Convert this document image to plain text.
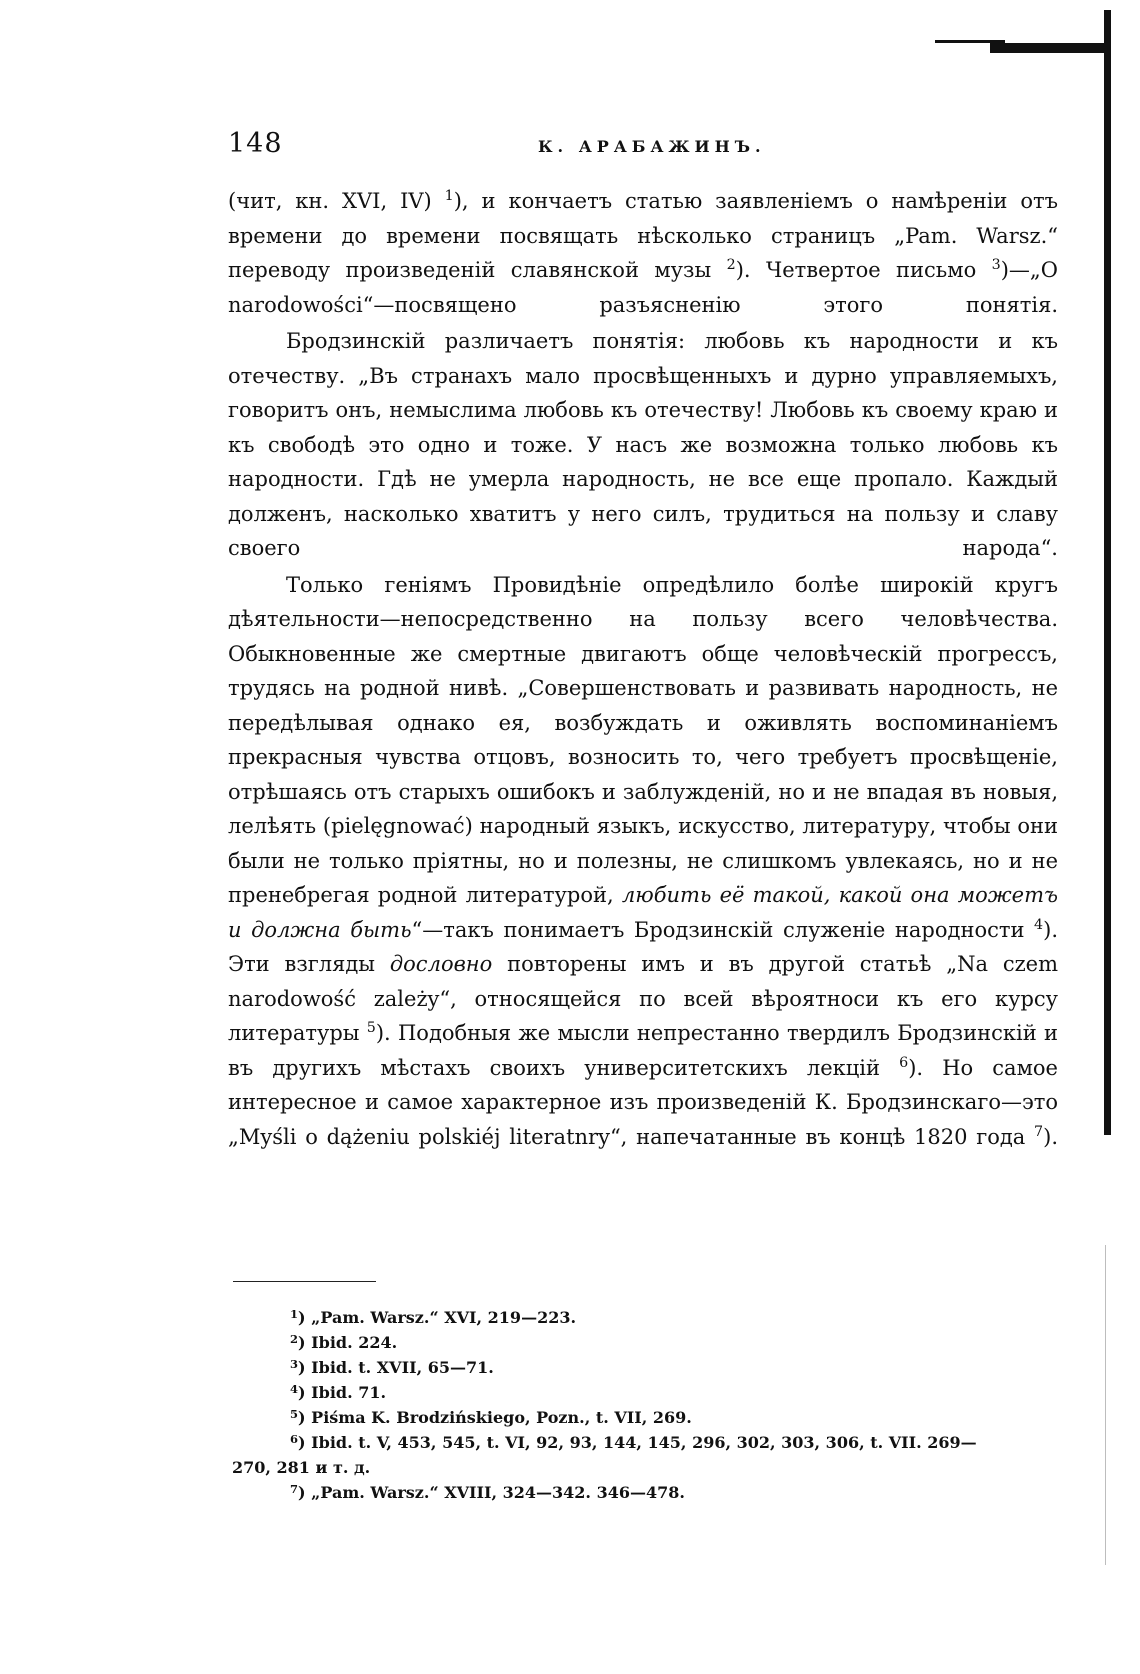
148	К. АРАБАЖИНЪ.

(чит, кн. XVI, IV) $^1$), и кончаетъ статью заявленіемъ о намѣреніи отъ времени до времени посвящать нѣсколько страницъ „Pam. Warsz.“ переводу произведеній славянской музы $^2$). Четвертое письмо $^3$)—„O narodowości“—посвящено разъясненію этого понятія.

Бродзинскій различаетъ понятія: любовь къ народности и къ отечеству. „Въ странахъ мало просвѣщенныхъ и дурно управляемыхъ, говоритъ онъ, немыслима любовь къ отечеству! Любовь къ своему краю и къ свободѣ это одно и тоже. У насъ же возможна только любовь къ народности. Гдѣ не умерла народность, не все еще пропало. Каждый долженъ, насколько хватитъ у него силъ, трудиться на пользу и славу своего народа“.

Только геніямъ Провидѣніе опредѣлило болѣе широкій кругъ дѣятельности—непосредственно на пользу всего человѣчества. Обыкновенные же смертные двигаютъ обще человѣческій прогрессъ, трудясь на родной нивѣ. „Совершенствовать и развивать народность, не передѣлывая однако ея, возбуждать и оживлять воспоминаніемъ прекрасныя чувства отцовъ, возносить то, чего требуетъ просвѣщеніе, отрѣшаясь отъ старыхъ ошибокъ и заблужденій, но и не впадая въ новыя, лелѣять (pielęgnować) народный языкъ, искусство, литературу, чтобы они были не только пріятны, но и полезны, не слишкомъ увлекаясь, но и не пренебрегая родной литературой, любить её такой, какой она можетъ и должна быть“—такъ понимаетъ Бродзинскій служеніе народности $^4$). Эти взгляды дословно повторены имъ и въ другой статьѣ „Na czem narodowość zależy“, относящейся по всей вѣроятноси къ его курсу литературы $^5$). Подобныя же мысли непрестанно твердилъ Бродзинскій и въ другихъ мѣстахъ своихъ университетскихъ лекцій $^6$). Но самое интересное и самое характерное изъ произведеній К. Бродзинскаго—это „Myśli o dążeniu polskiéj literatnry“, напечатанные въ концѣ 1820 года $^7$).

$^1$) „Pam. Warsz.“ XVI, 219—223.
$^2$) Ibid. 224.
$^3$) Ibid. t. XVII, 65—71.
$^4$) Ibid. 71.
$^5$) Piśma K. Brodzińskiego, Pozn., t. VII, 269.
$^6$) Ibid. t. V, 453, 545, t. VI, 92, 93, 144, 145, 296, 302, 303, 306, t. VII. 269—
270, 281 и т. д.
$^7$) „Pam. Warsz.“ XVIII, 324—342. 346—478.
